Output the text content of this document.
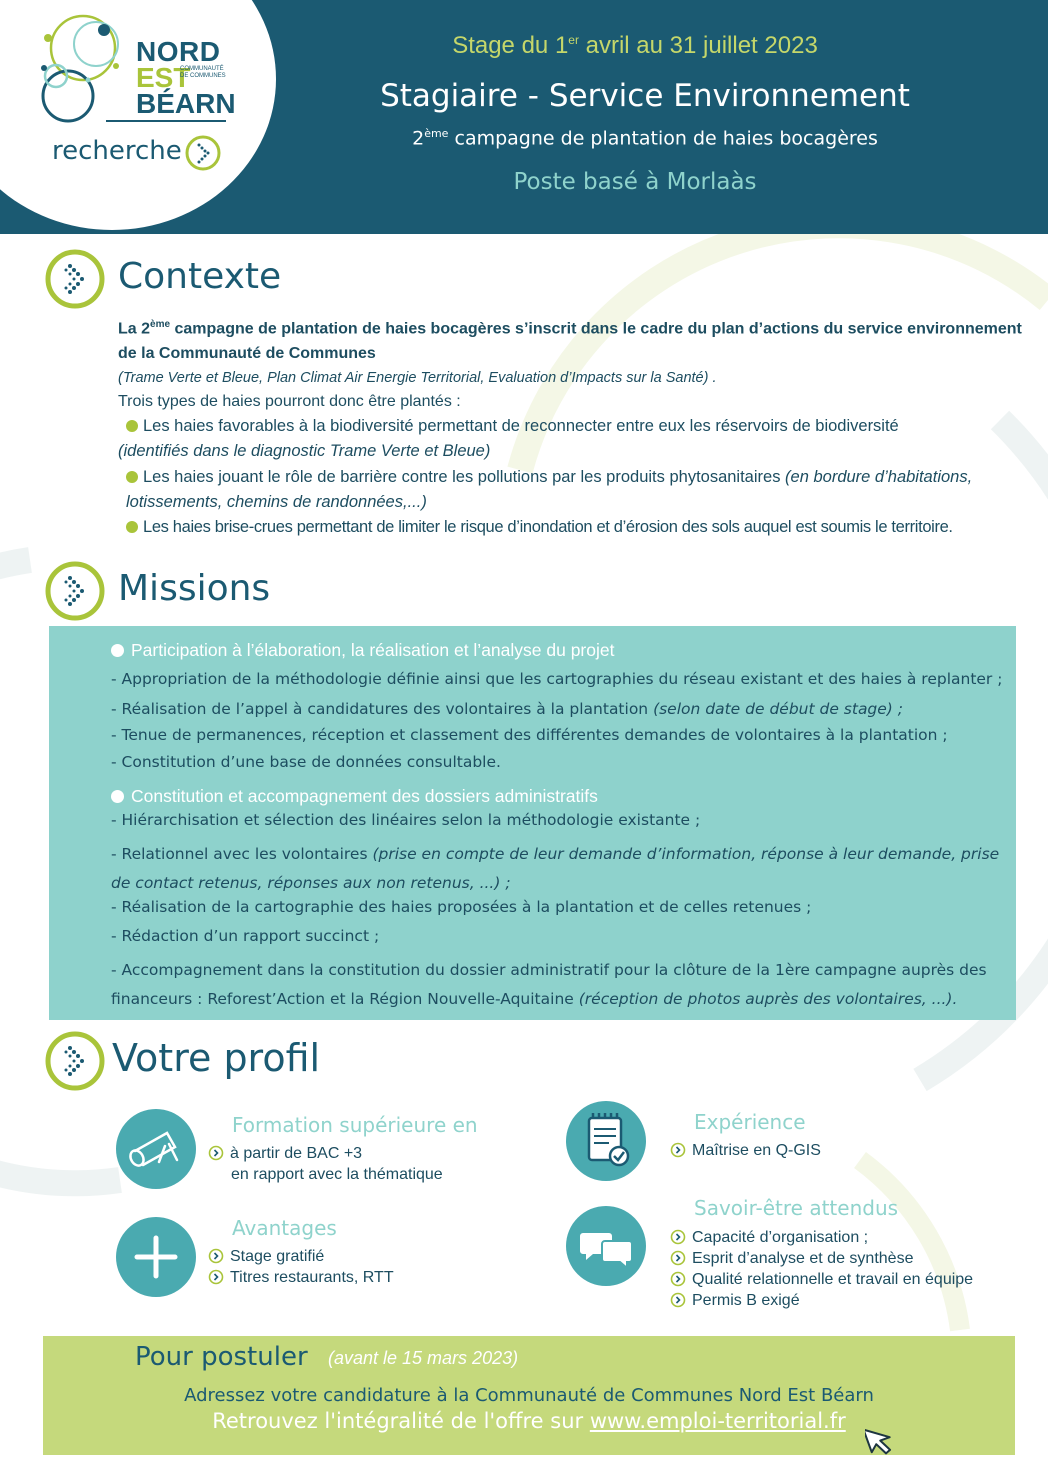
NORD
EST
COMMUNAUTÉ DE COMMUNES
BÉARN
recherche
Stage du 1er avril au 31 juillet 2023
Stagiaire - Service Environnement
2ème campagne de plantation de haies bocagères
Poste basé à Morlaàs
Contexte

La 2ème campagne de plantation de haies bocagères s’inscrit dans le cadre du plan d’actions du service environnement de la Communauté de Communes

(Trame Verte et Bleue, Plan Climat Air Energie Territorial, Evaluation d’Impacts sur la Santé) .

Trois types de haies pourront donc être plantés :

Les haies favorables à la biodiversité permettant de reconnecter entre eux les réservoirs de biodiversité

(identifiés dans le diagnostic Trame Verte et Bleue)

Les haies jouant le rôle de barrière contre les pollutions par les produits phytosanitaires (en bordure d’habitations, lotissements, chemins de randonnées,...)

Les haies brise-crues permettant de limiter le risque d’inondation et d’érosion des sols auquel est soumis le territoire.

Missions
Participation à l’élaboration, la réalisation et l’analyse du projet
- Appropriation de la méthodologie définie ainsi que les cartographies du réseau existant et des haies à replanter ;
- Réalisation de l’appel à candidatures des volontaires à la plantation (selon date de début de stage) ;
- Tenue de permanences, réception et classement des différentes demandes de volontaires à la plantation ;
- Constitution d’une base de données consultable.
Constitution et accompagnement des dossiers administratifs
- Hiérarchisation et sélection des linéaires selon la méthodologie existante ;
- Relationnel avec les volontaires (prise en compte de leur demande d’information, réponse à leur demande, prise de contact retenus, réponses aux non retenus, ...) ;
- Réalisation de la cartographie des haies proposées à la plantation et de celles retenues ;
- Rédaction d’un rapport succinct ;
- Accompagnement dans la constitution du dossier administratif pour la clôture de la 1ère campagne auprès des financeurs : Reforest’Action et la Région Nouvelle-Aquitaine (réception de photos auprès des volontaires, ...).
Votre profil
Formation supérieure en
à partir de BAC +3
en rapport avec la thématique
Avantages
Stage gratifié
Titres restaurants, RTT
Expérience
Maîtrise en Q-GIS
Savoir-être attendus
Capacité d’organisation ;
Esprit d’analyse et de synthèse
Qualité relationnelle et travail en équipe
Permis B exigé
Pour postuler (avant le 15 mars 2023)
Adressez votre candidature à la Communauté de Communes Nord Est Béarn
Retrouvez l'intégralité de l'offre sur www.emploi-territorial.fr
